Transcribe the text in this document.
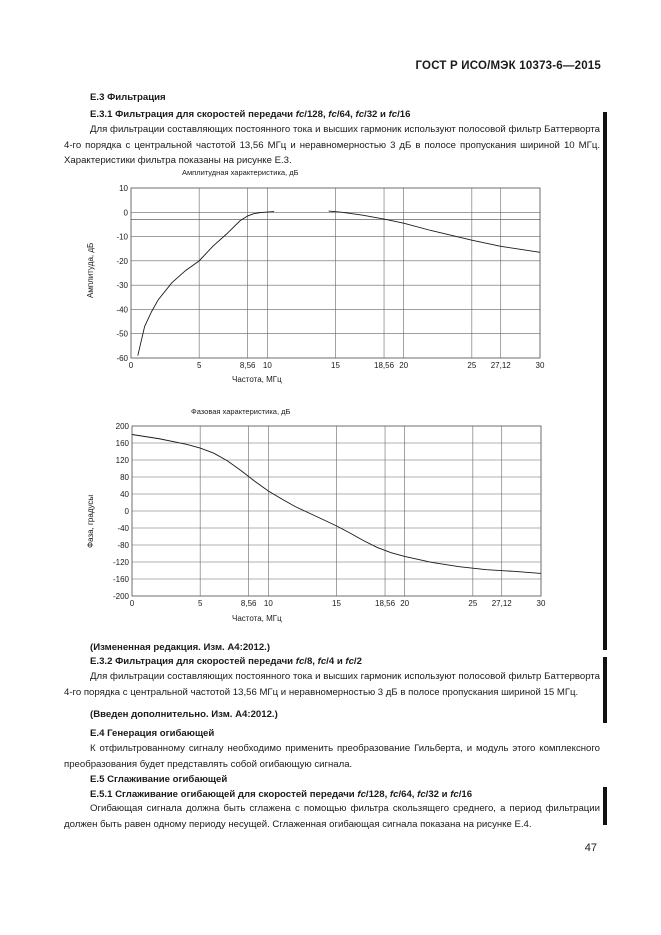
ГОСТ Р ИСО/МЭК 10373-6—2015
E.3 Фильтрация
E.3.1 Фильтрация для скоростей передачи fc/128, fc/64, fc/32 и fc/16
Для фильтрации составляющих постоянного тока и высших гармоник используют полосовой фильтр Баттерворта 4-го порядка с центральной частотой 13,56 МГц и неравномерностью 3 дБ в полосе пропускания шириной 10 МГц. Характеристики фильтра показаны на рисунке E.3.
0	5	8,56 10	15	18,56 20	25 27,12	30
10
0
-10
-20
-30
-40
-50
-60
Амплитудная характеристика, дБ
Частота, МГц
Амплитуда, дБ
0	5	8,56 10	15	18,56 20	25 27,12	30
200
160
120
80
40
0
-40
-80
-120
-160
-200
Фазовая характеристика, дБ
Частота, МГц
Фаза, градусы
(Измененная редакция. Изм. А4:2012.)
E.3.2 Фильтрация для скоростей передачи fc/8, fc/4 и fc/2
Для фильтрации составляющих постоянного тока и высших гармоник используют полосовой фильтр Баттерворта 4-го порядка с центральной частотой 13,56 МГц и неравномерностью 3 дБ в полосе пропускания шириной 15 МГц.
(Введен дополнительно. Изм. А4:2012.)
E.4 Генерация огибающей
К отфильтрованному сигналу необходимо применить преобразование Гильберта, и модуль этого комплексного преобразования будет представлять собой огибающую сигнала.
E.5 Сглаживание огибающей
E.5.1 Сглаживание огибающей для скоростей передачи fc/128, fc/64, fc/32 и fc/16
Огибающая сигнала должна быть сглажена с помощью фильтра скользящего среднего, а период фильтрации должен быть равен одному периоду несущей. Сглаженная огибающая сигнала показана на рисунке E.4.
47
